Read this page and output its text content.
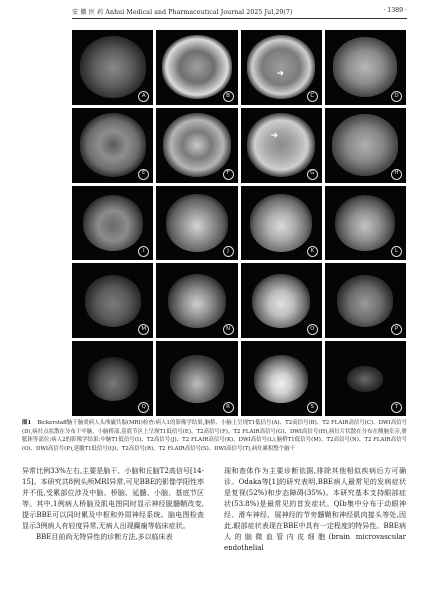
安 徽 医 药 Anhui Medical and Pharmaceutical Journal 2025 Jul,29(7)	· 1389 ·
A	B
➜
C	D
E	F
➜
G	H
I	J	K	L
M	N	O	P
Q	R	S	T
图1 Bickerstaff脑干脑炎病人头颅磁共振(MRI)检查:病人1的影像学结果,脑桥、小脑上呈现T1低信号(A)、T2高信号(B)、T2 FLAIR高信号(C)、DWI高信号(D),病灶点状散在分布于中脑、小脑桥部,基底节区上呈现T1低信号(E)、T2高信号(F)、T2 FLAIR高信号(G)、DWI高信号(H),病灶片状散在分布在侧脑室旁,胼胝体等部位;病人2的影像学结果:中脑T1低信号(I)、T2高信号(J)、T2 FLAIR高信号(K)、DWI高信号(L),脑桥T1低信号(M)、T2高信号(N)、T2 FLAIR高信号(O)、DWI高信号(P),延髓T1低信号(Q)、T2高信号(R)、T2 FLAIR高信号(S)、DWI高信号(T),病灶累积整个脑干

异常比例33%左右,主要是脑干、小脑和丘脑T2高信号[14-15]。本研究共8例头颅MRI异常,可见BBE的影像学阳性率并不低,受累部位涉及中脑、桥脑、延髓、小脑、基底节区等。其中,1例病人桥脑及肌电图同时显示神经脱髓鞘改变,提示BBE可以同时累及中枢和外周神经系统。脑电图检查显示3例病人有轻度异常,无病人出现癫痫等临床症状。

BBE目前尚无特异性的诊断方法,多以临床表

现和查体作为主要诊断依据,排除其他相似疾病后方可确诊。Odaka等[1]的研究表明,BBE病人最常见的发病症状是复视(52%)和步态障碍(35%)。本研究基本支持眼部症状(53.8%)是最常见的首发症状。QIb集中分布于动眼神经、滑车神经、展神经的节旁髓鞘和神经肌肉接头等处,因此,眼部症状表现在BBE中具有一定程度的特异性。BBE病人的脑微血管内皮细胞(brain microvascular endothelial
